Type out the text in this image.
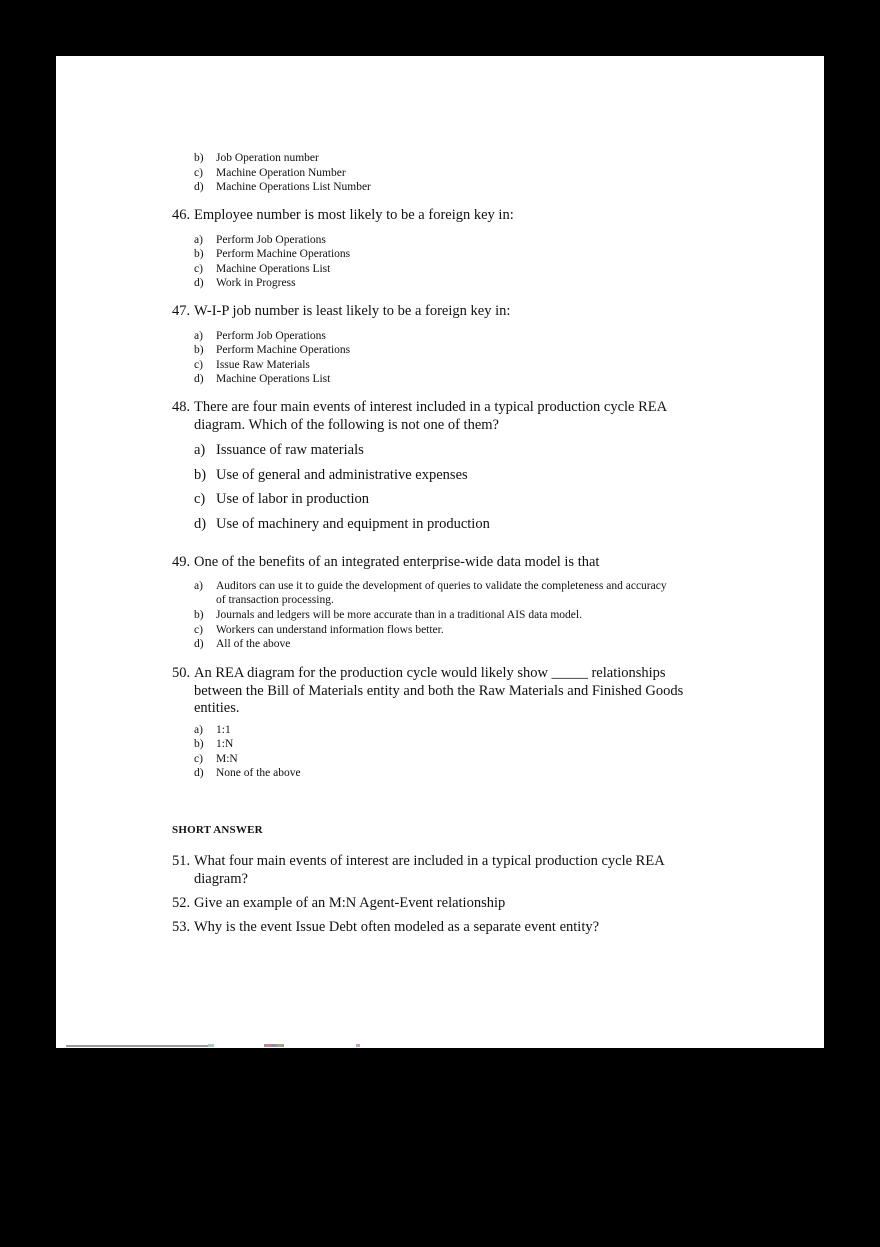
b) Job Operation number
c) Machine Operation Number
d) Machine Operations List Number
46. Employee number is most likely to be a foreign key in:
a) Perform Job Operations
b) Perform Machine Operations
c) Machine Operations List
d) Work in Progress
47. W-I-P job number is least likely to be a foreign key in:
a) Perform Job Operations
b) Perform Machine Operations
c) Issue Raw Materials
d) Machine Operations List
48. There are four main events of interest included in a typical production cycle REA
diagram. Which of the following is not one of them?
a) Issuance of raw materials
b) Use of general and administrative expenses
c) Use of labor in production
d) Use of machinery and equipment in production
49. One of the benefits of an integrated enterprise-wide data model is that
a) Auditors can use it to guide the development of queries to validate the completeness and accuracy
of transaction processing.
b) Journals and ledgers will be more accurate than in a traditional AIS data model.
c) Workers can understand information flows better.
d) All of the above
50. An REA diagram for the production cycle would likely show _____ relationships
between the Bill of Materials entity and both the Raw Materials and Finished Goods
entities.
a) 1:1
b) 1:N
c) M:N
d) None of the above
SHORT ANSWER
51. What four main events of interest are included in a typical production cycle REA
diagram?
52. Give an example of an M:N Agent-Event relationship
53. Why is the event Issue Debt often modeled as a separate event entity?
